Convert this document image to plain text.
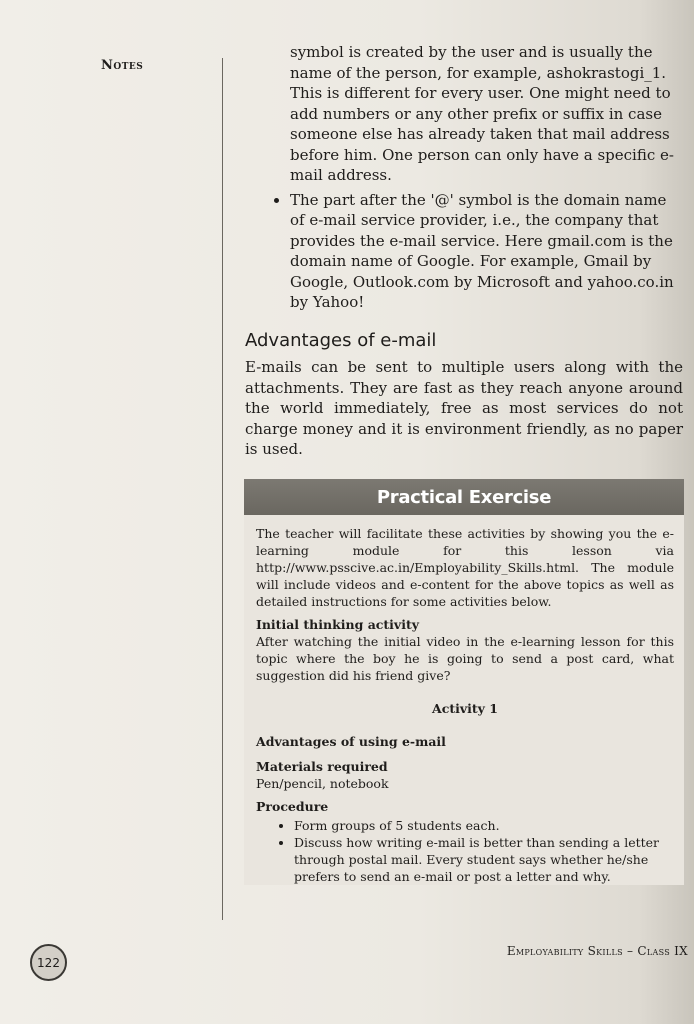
Notes

symbol is created by the user and is usually the name of the person, for example, ashokrastogi_1. This is different for every user. One might need to add numbers or any other prefix or suffix in case someone else has already taken that mail address before him. One person can only have a specific e-mail address.

• The part after the '@' symbol is the domain name of e-mail service provider, i.e., the company that provides the e-mail service. Here gmail.com is the domain name of Google. For example, Gmail by Google, Outlook.com by Microsoft and yahoo.co.in by Yahoo!
Advantages of e-mail

E-mails can be sent to multiple users along with the attachments. They are fast as they reach anyone around the world immediately, free as most services do not charge money and it is environment friendly, as no paper is used.

Practical Exercise

The teacher will facilitate these activities by showing you the e-learning module for this lesson via http://www.psscive.ac.in/Employability_Skills.html. The module will include videos and e-content for the above topics as well as detailed instructions for some activities below.

Initial thinking activity

After watching the initial video in the e-learning lesson for this topic where the boy he is going to send a post card, what suggestion did his friend give?

Activity 1
Advantages of using e-mail
Materials required

Pen/pencil, notebook

Procedure
• Form groups of 5 students each.
• Discuss how writing e-mail is better than sending a letter through postal mail. Every student says whether he/she prefers to send an e-mail or post a letter and why.
122
Employability Skills – Class IX
